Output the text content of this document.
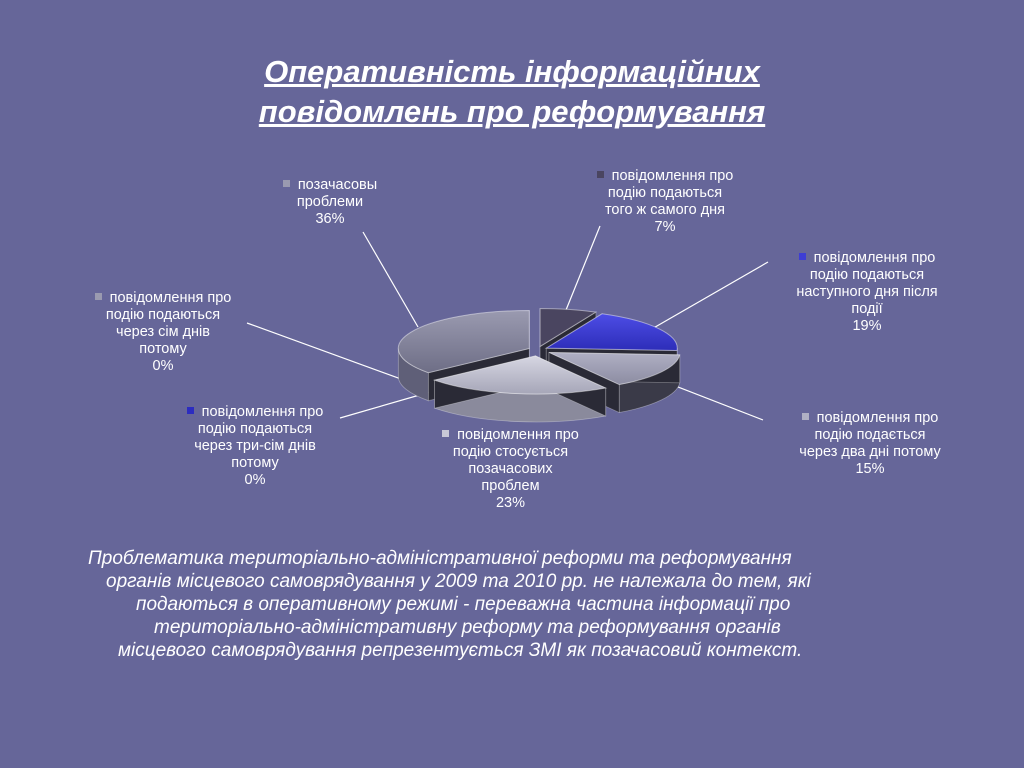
Оперативність інформаційних
повідомлень про реформування
позачасовы
проблеми
36%
повідомлення про
подію подаються
того ж самого дня
7%
повідомлення про
подію подаються
наступного дня після
події
19%
повідомлення про
подію подаються
через сім днів
потому
0%
повідомлення про
подію подаються
через три-сім днів
потому
0%
повідомлення про
подію стосується
позачасових
проблем
23%
повідомлення про
подію подається
через два дні потому
15%
Проблематика територіально-адміністративної реформи та реформування
органів місцевого самоврядування у 2009 та 2010 рр. не належала до тем, які
подаються в оперативному режимі - переважна частина інформації про
територіально-адміністративну реформу та реформування органів
місцевого самоврядування репрезентується ЗМІ як позачасовий контекст.
